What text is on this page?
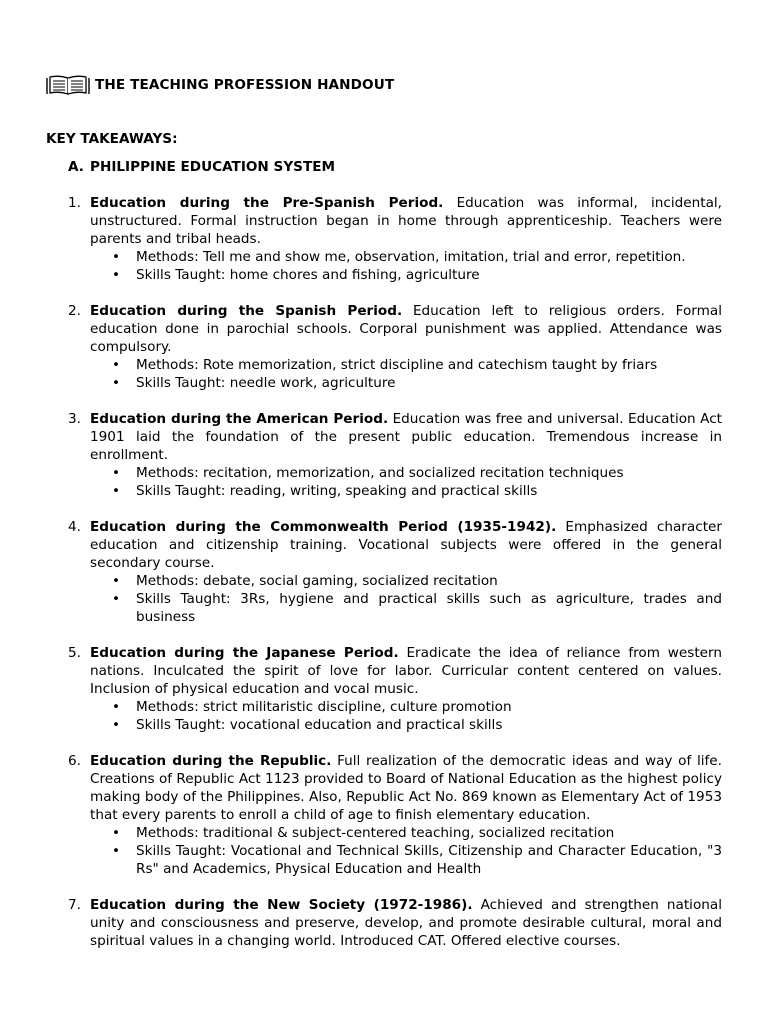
THE TEACHING PROFESSION HANDOUT
KEY TAKEAWAYS:
A. PHILIPPINE EDUCATION SYSTEM
1. Education during the Pre-Spanish Period. Education was informal, incidental, unstructured. Formal instruction began in home through apprenticeship. Teachers were parents and tribal heads.
• Methods: Tell me and show me, observation, imitation, trial and error, repetition.
• Skills Taught: home chores and fishing, agriculture
2. Education during the Spanish Period. Education left to religious orders. Formal education done in parochial schools. Corporal punishment was applied. Attendance was compulsory.
• Methods: Rote memorization, strict discipline and catechism taught by friars
• Skills Taught: needle work, agriculture
3. Education during the American Period. Education was free and universal. Education Act 1901 laid the foundation of the present public education. Tremendous increase in enrollment.
• Methods: recitation, memorization, and socialized recitation techniques
• Skills Taught: reading, writing, speaking and practical skills
4. Education during the Commonwealth Period (1935-1942). Emphasized character education and citizenship training. Vocational subjects were offered in the general secondary course.
• Methods: debate, social gaming, socialized recitation
• Skills Taught: 3Rs, hygiene and practical skills such as agriculture, trades and business
5. Education during the Japanese Period. Eradicate the idea of reliance from western nations. Inculcated the spirit of love for labor. Curricular content centered on values. Inclusion of physical education and vocal music.
• Methods: strict militaristic discipline, culture promotion
• Skills Taught: vocational education and practical skills
6. Education during the Republic. Full realization of the democratic ideas and way of life. Creations of Republic Act 1123 provided to Board of National Education as the highest policy making body of the Philippines. Also, Republic Act No. 869 known as Elementary Act of 1953 that every parents to enroll a child of age to finish elementary education.
• Methods: traditional & subject-centered teaching, socialized recitation
• Skills Taught: Vocational and Technical Skills, Citizenship and Character Education, "3 Rs" and Academics, Physical Education and Health
7. Education during the New Society (1972-1986). Achieved and strengthen national unity and consciousness and preserve, develop, and promote desirable cultural, moral and spiritual values in a changing world. Introduced CAT. Offered elective courses.
